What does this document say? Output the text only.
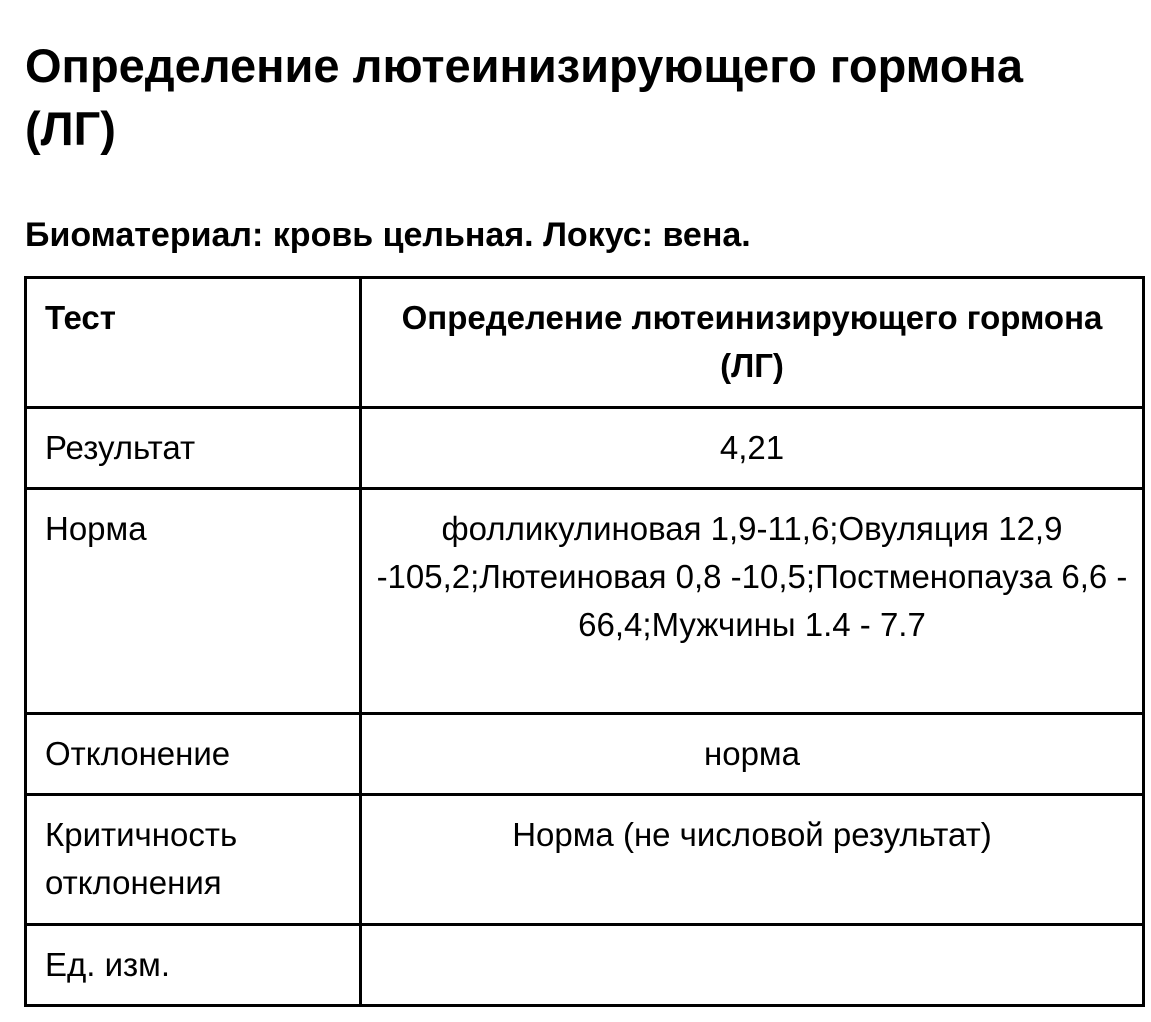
Определение лютеинизирующего гормона (ЛГ)

Биоматериал: кровь цельная. Локус: вена.

Тест	Определение лютеинизирующего гормона (ЛГ)
Результат	4,21
Норма	фолликулиновая 1,9-11,6;Овуляция 12,9 -105,2;Лютеиновая 0,8 -10,5;Постменопауза 6,6 - 66,4;Мужчины 1.4 - 7.7
Отклонение	норма
Критичность отклонения	Норма (не числовой результат)
Ед. изм.	
